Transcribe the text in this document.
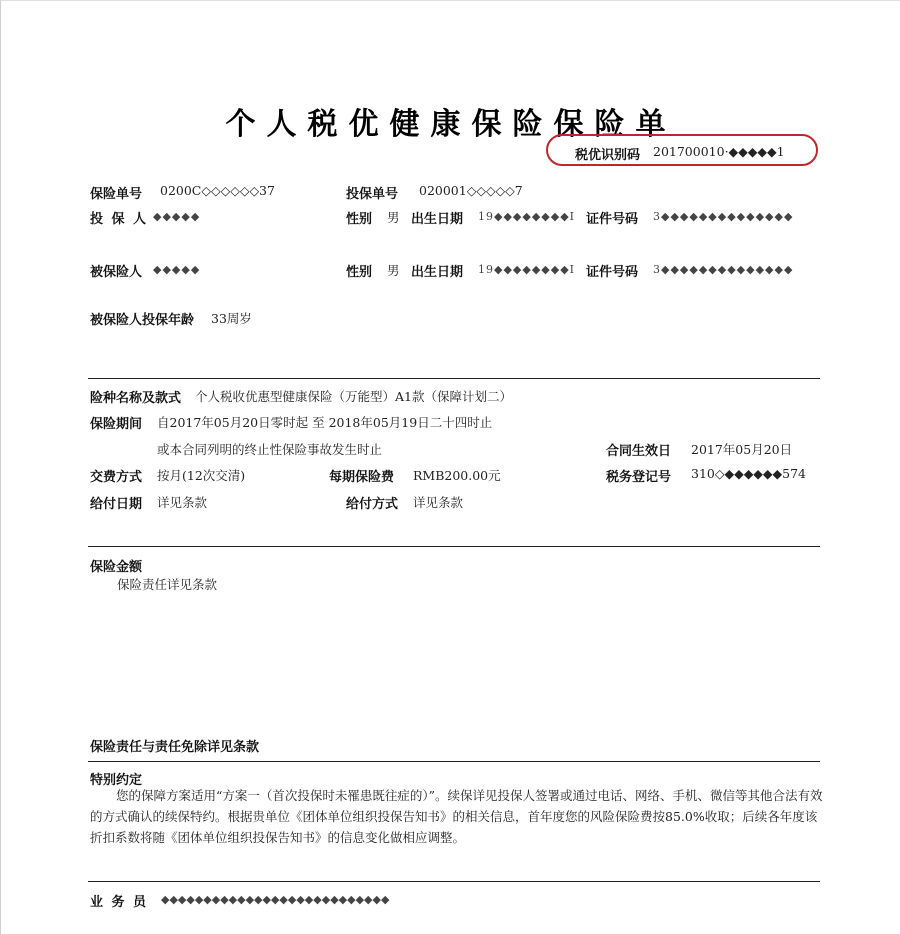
个人税优健康保险保险单
税优识别码 201700010·◆◆◆◆◆1
保险单号 0200C◇◇◇◇◇◇37	投保单号 020001◇◇◇◇◇7
投 保 人 ◆◆◆◆◆	性别 男 出生日期 19◆◆◆◆◆◆◆◆I 证件号码 3◆◆◆◆◆◆◆◆◆◆◆◆◆◆
被保险人 ◆◆◆◆◆	性别 男 出生日期 19◆◆◆◆◆◆◆◆I 证件号码 3◆◆◆◆◆◆◆◆◆◆◆◆◆◆
被保险人投保年龄 33周岁
险种名称及款式 个人税收优惠型健康保险（万能型）A1款（保障计划二）
保险期间 自2017年05月20日零时起 至 2018年05月19日二十四时止
或本合同列明的终止性保险事故发生时止	合同生效日 2017年05月20日
交费方式 按月(12次交清)	每期保险费 RMB200.00元	税务登记号 310◇◆◆◆◆◆◆574
给付日期 详见条款	给付方式 详见条款
保险金额
保险责任详见条款
保险责任与责任免除详见条款
特别约定
您的保障方案适用“方案一（首次投保时未罹患既往症的）”。续保详见投保人签署或通过电话、网络、手机、微信等其他合法有效的方式确认的续保特约。根据贵单位《团体单位组织投保告知书》的相关信息，首年度您的风险保险费按85.0%收取；后续各年度该折扣系数将随《团体单位组织投保告知书》的信息变化做相应调整。
业 务 员 ◆◆◆◆◆◆◆◆◆◆◆◆◆◆◆◆◆◆◆◆◆◆◆◆◆◆◆
